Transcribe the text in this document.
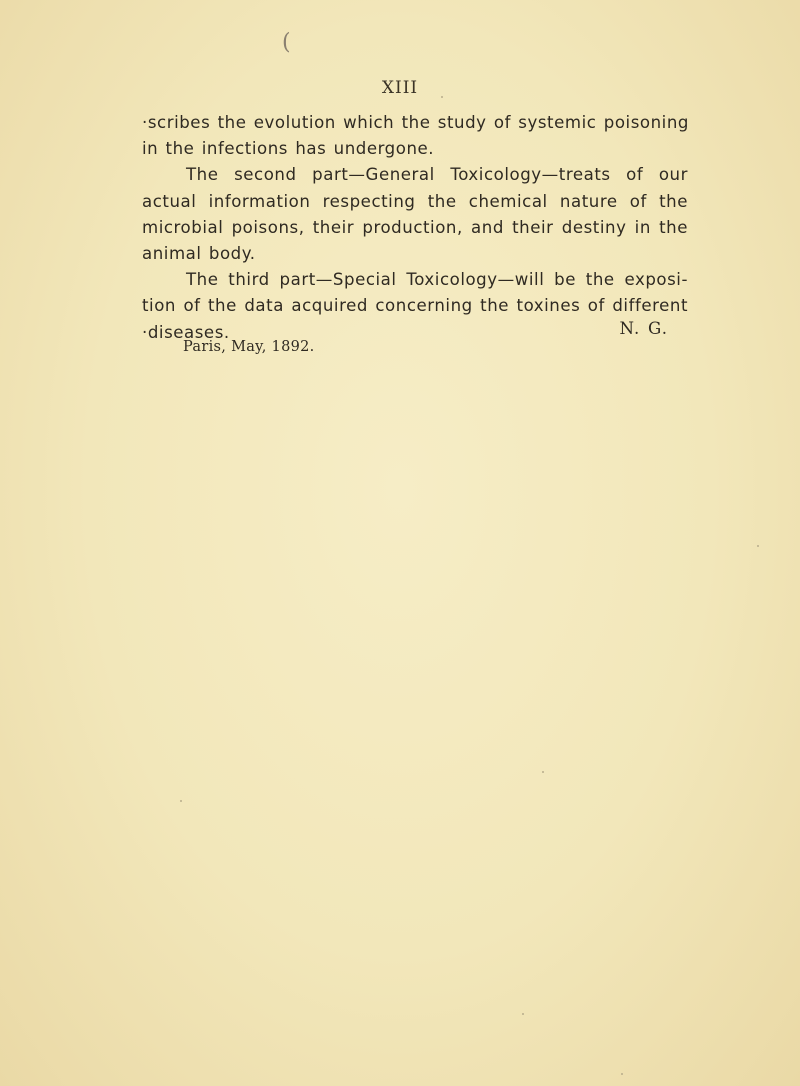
(
XIII
·scribes the evolution which the study of systemic poisoning
in the infections has undergone.
The second part—General Toxicology—treats of our
actual information respecting the chemical nature of the
microbial poisons, their production, and their destiny in the
animal body.
The third part—Special Toxicology—will be the exposi-
tion of the data acquired concerning the toxines of different
·diseases.	N. G.
Paris, May, 1892.
